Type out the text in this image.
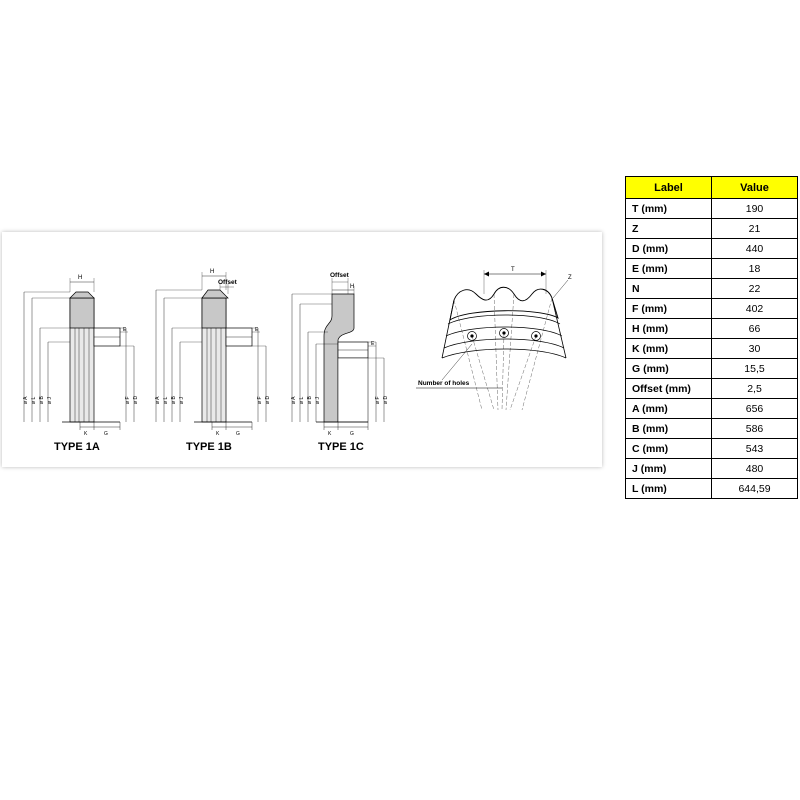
H
ø A ø L ø B ø J	ø F ø D
E
K	G
TYPE 1A
H
Offset
ø A ø L ø B ø J	ø F ø D
E
K	G
TYPE 1B
Offset
H
ø A ø L ø B ø J	ø F ø D
E
K	G
TYPE 1C
T
Z
Number of holes
Label	Value
T (mm)	190
Z	21
D (mm)	440
E (mm)	18
N	22
F (mm)	402
H (mm)	66
K (mm)	30
G (mm)	15,5
Offset (mm)	2,5
A (mm)	656
B (mm)	586
C (mm)	543
J (mm)	480
L (mm)	644,59
